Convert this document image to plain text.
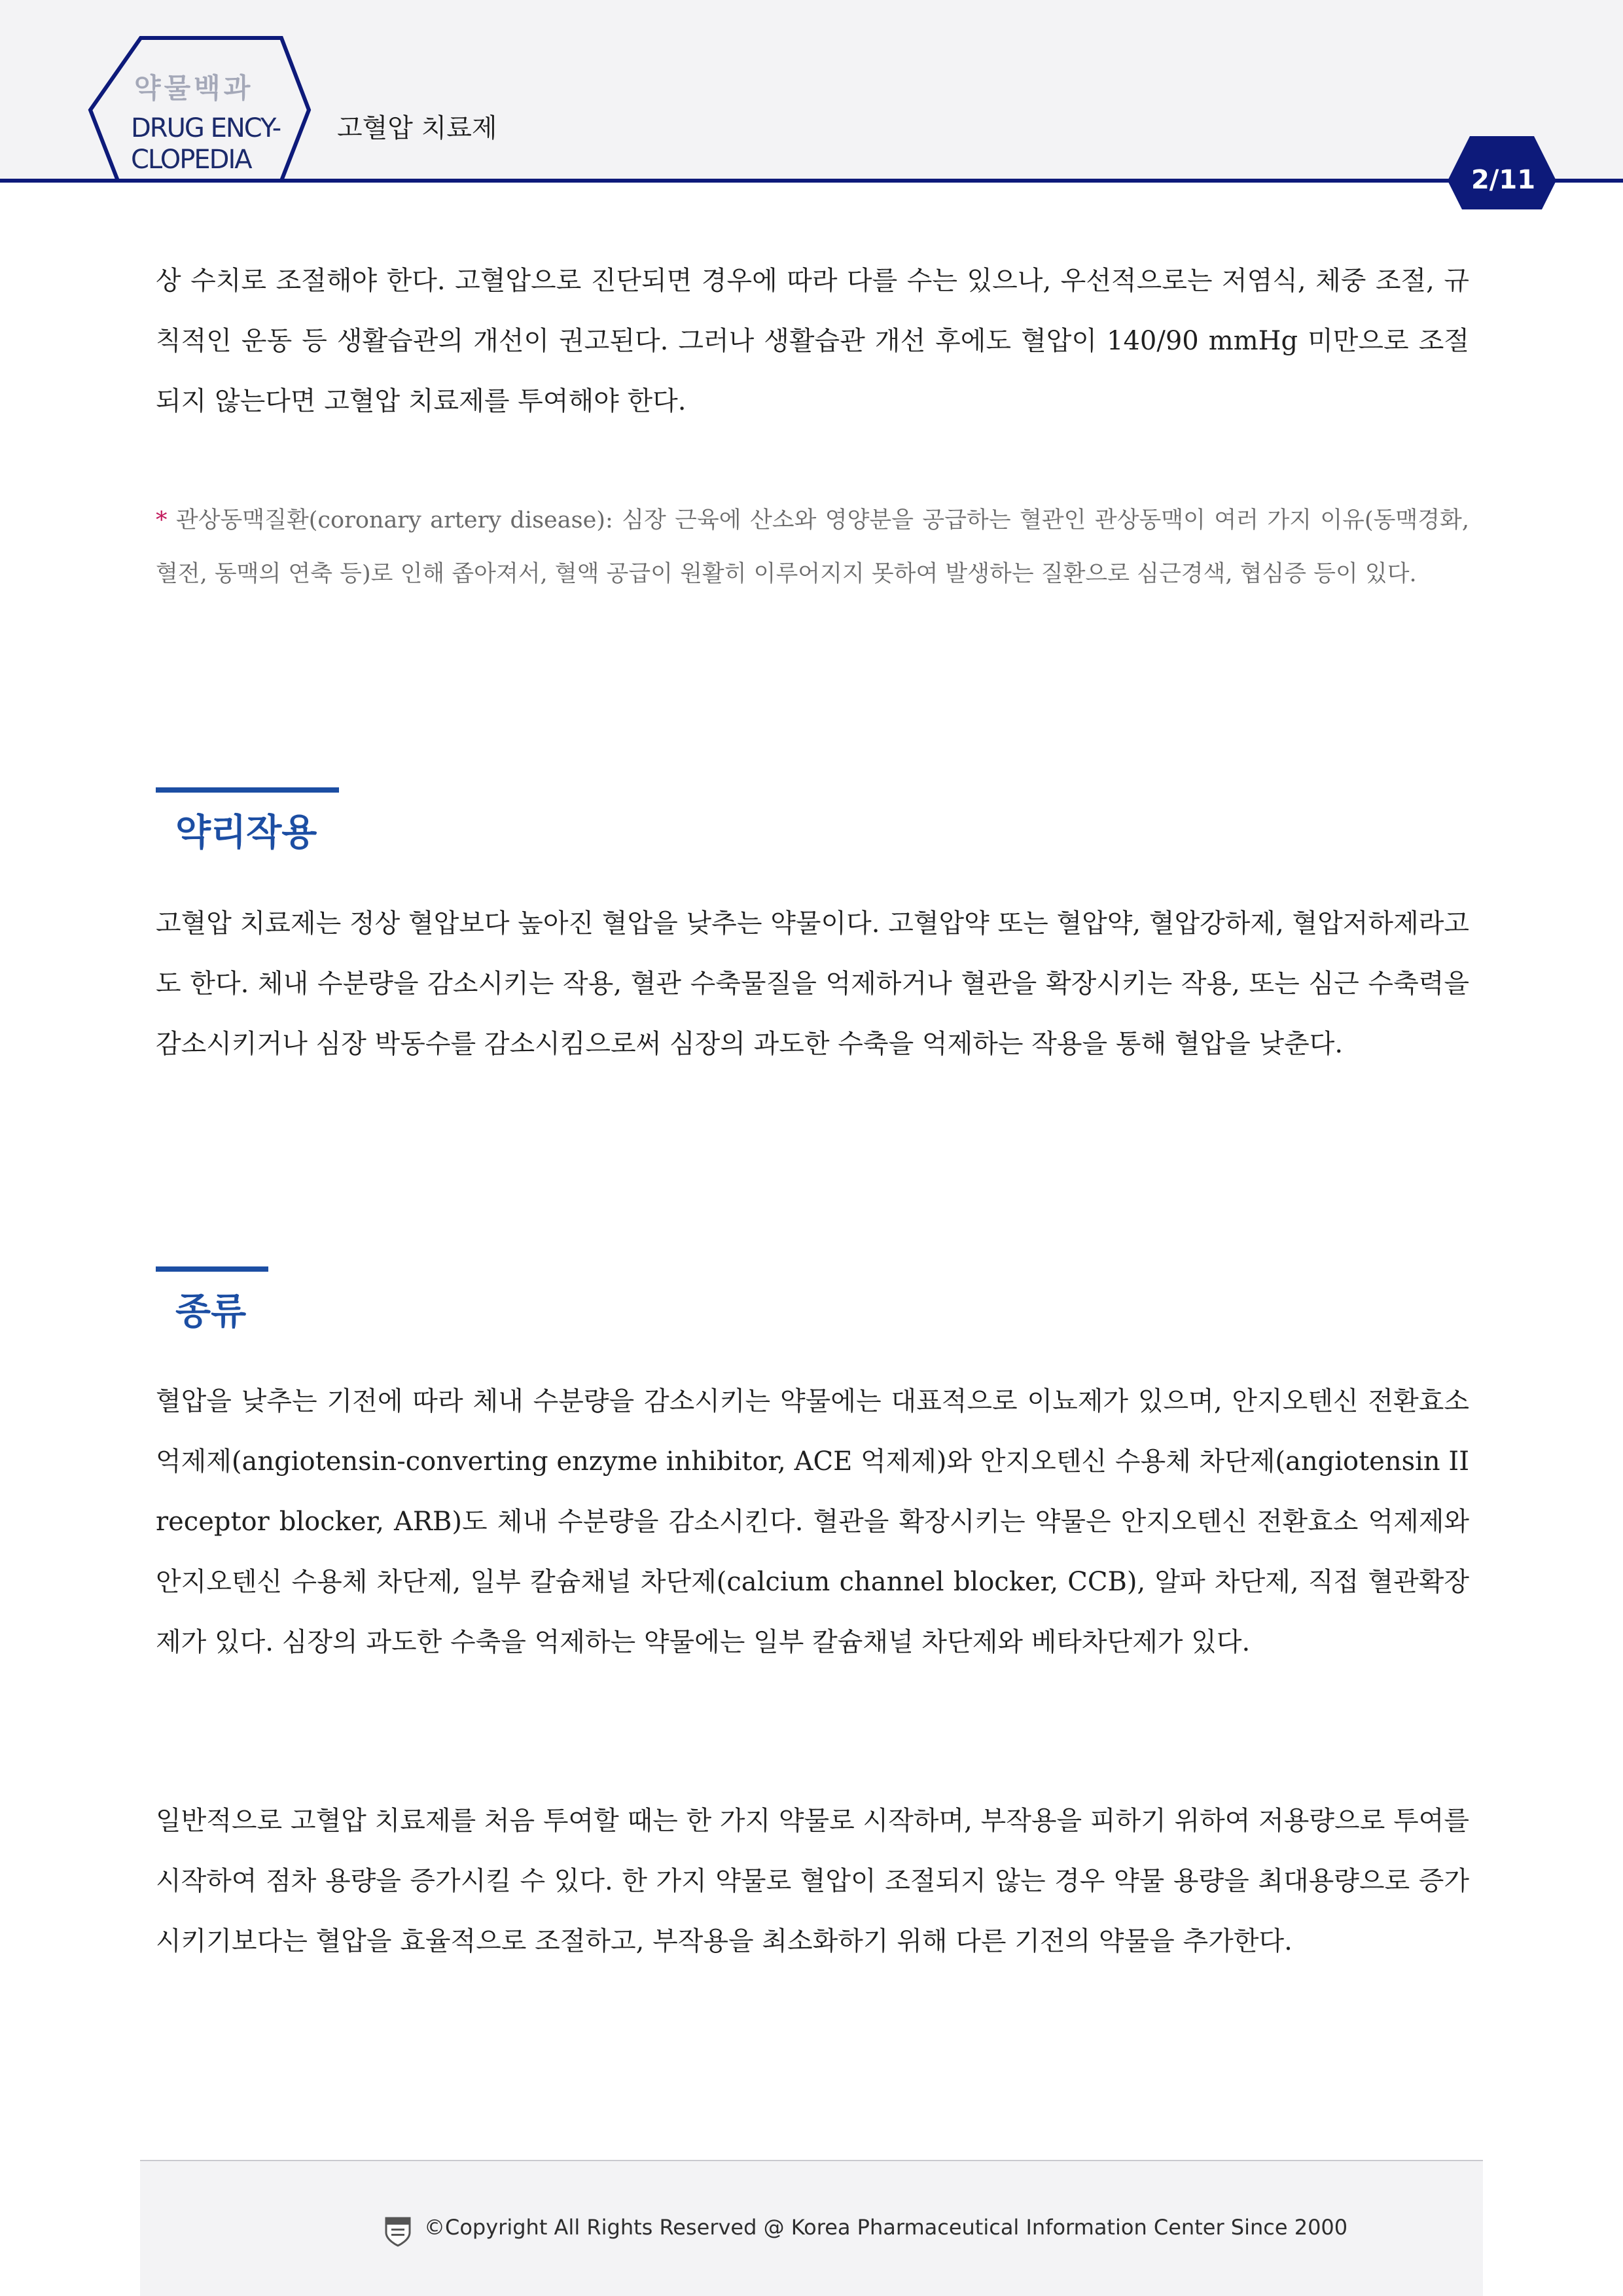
약물백과
DRUG ENCY-
CLOPEDIA
고혈압 치료제
2/11

상 수치로 조절해야 한다. 고혈압으로 진단되면 경우에 따라 다를 수는 있으나, 우선적으로는 저염식, 체중 조절, 규칙적인 운동 등 생활습관의 개선이 권고된다. 그러나 생활습관 개선 후에도 혈압이 140/90 mmHg 미만으로 조절되지 않는다면 고혈압 치료제를 투여해야 한다.

* 관상동맥질환(coronary artery disease): 심장 근육에 산소와 영양분을 공급하는 혈관인 관상동맥이 여러 가지 이유(동맥경화, 혈전, 동맥의 연축 등)로 인해 좁아져서, 혈액 공급이 원활히 이루어지지 못하여 발생하는 질환으로 심근경색, 협심증 등이 있다.

약리작용

고혈압 치료제는 정상 혈압보다 높아진 혈압을 낮추는 약물이다. 고혈압약 또는 혈압약, 혈압강하제, 혈압저하제라고도 한다. 체내 수분량을 감소시키는 작용, 혈관 수축물질을 억제하거나 혈관을 확장시키는 작용, 또는 심근 수축력을 감소시키거나 심장 박동수를 감소시킴으로써 심장의 과도한 수축을 억제하는 작용을 통해 혈압을 낮춘다.

종류

혈압을 낮추는 기전에 따라 체내 수분량을 감소시키는 약물에는 대표적으로 이뇨제가 있으며, 안지오텐신 전환효소 억제제(angiotensin-converting enzyme inhibitor, ACE 억제제)와 안지오텐신 수용체 차단제(angiotensin II receptor blocker, ARB)도 체내 수분량을 감소시킨다. 혈관을 확장시키는 약물은 안지오텐신 전환효소 억제제와 안지오텐신 수용체 차단제, 일부 칼슘채널 차단제(calcium channel blocker, CCB), 알파 차단제, 직접 혈관확장제가 있다. 심장의 과도한 수축을 억제하는 약물에는 일부 칼슘채널 차단제와 베타차단제가 있다.

일반적으로 고혈압 치료제를 처음 투여할 때는 한 가지 약물로 시작하며, 부작용을 피하기 위하여 저용량으로 투여를 시작하여 점차 용량을 증가시킬 수 있다. 한 가지 약물로 혈압이 조절되지 않는 경우 약물 용량을 최대용량으로 증가시키기보다는 혈압을 효율적으로 조절하고, 부작용을 최소화하기 위해 다른 기전의 약물을 추가한다.

©Copyright All Rights Reserved @ Korea Pharmaceutical Information Center Since 2000
